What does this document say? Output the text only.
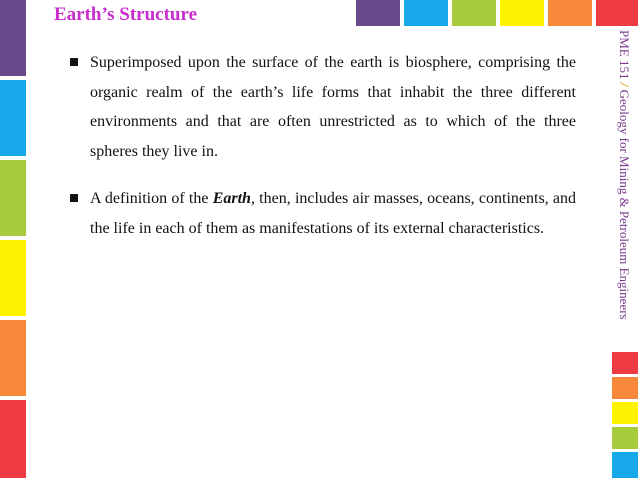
Earth’s Structure
PME 151 / Geology for Mining & Petroleum Engineers
Superimposed upon the surface of the earth is biosphere, comprising the organic realm of the earth’s life forms that inhabit the three different environments and that are often unrestricted as to which of the three spheres they live in.
A definition of the Earth, then, includes air masses, oceans, continents, and the life in each of them as manifestations of its external characteristics.
